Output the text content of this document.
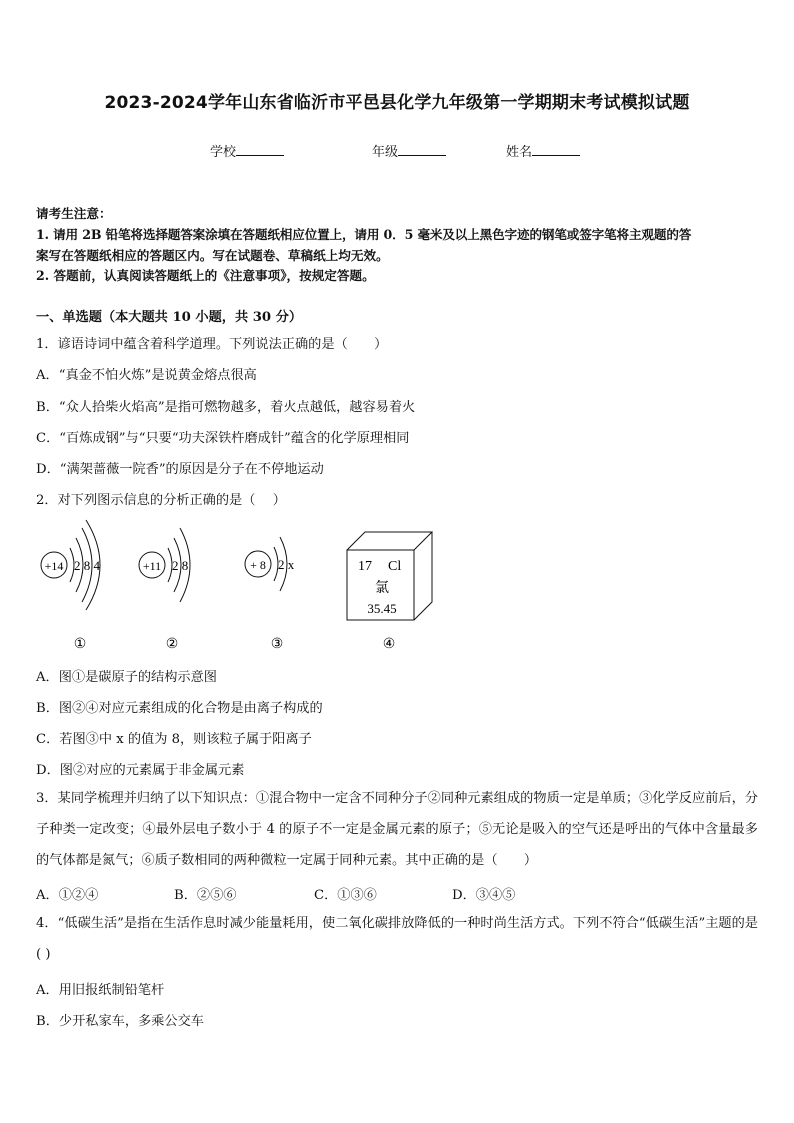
2023-2024学年山东省临沂市平邑县化学九年级第一学期期末考试模拟试题
学校	年级	姓名
请考生注意：
1. 请用 2B 铅笔将选择题答案涂填在答题纸相应位置上，请用 0．5 毫米及以上黑色字迹的钢笔或签字笔将主观题的答
案写在答题纸相应的答题区内。写在试题卷、草稿纸上均无效。
2. 答题前，认真阅读答题纸上的《注意事项》，按规定答题。
一、单选题（本大题共 10 小题，共 30 分）
1．谚语诗词中蕴含着科学道理。下列说法正确的是（　　）
A．“真金不怕火炼”是说黄金熔点很高
B．“众人拾柴火焰高”是指可燃物越多，着火点越低，越容易着火
C．“百炼成钢”与“只要“功夫深铁杵磨成针”蕴含的化学原理相同
D．“满架蔷薇一院香”的原因是分子在不停地运动
2．对下列图示信息的分析正确的是（　 ）
+14 2 8 4
①
+11 2 8
②
+ 8 2 x
③
17 Cl
氯
35.45
④
A．图①是碳原子的结构示意图
B．图②④对应元素组成的化合物是由离子构成的
C．若图③中 x 的值为 8，则该粒子属于阳离子
D．图②对应的元素属于非金属元素
3．某同学梳理并归纳了以下知识点：①混合物中一定含不同种分子②同种元素组成的物质一定是单质；③化学反应前后，分子种类一定改变；④最外层电子数小于 4 的原子不一定是金属元素的原子；⑤无论是吸入的空气还是呼出的气体中含量最多的气体都是氮气；⑥质子数相同的两种微粒一定属于同种元素。其中正确的是（　　）
A．①②④	B．②⑤⑥	C．①③⑥	D．③④⑤
4．“低碳生活”是指在生活作息时减少能量耗用，使二氧化碳排放降低的一种时尚生活方式。下列不符合“低碳生活”主题的是( )
A．用旧报纸制铅笔杆
B．少开私家车，多乘公交车
